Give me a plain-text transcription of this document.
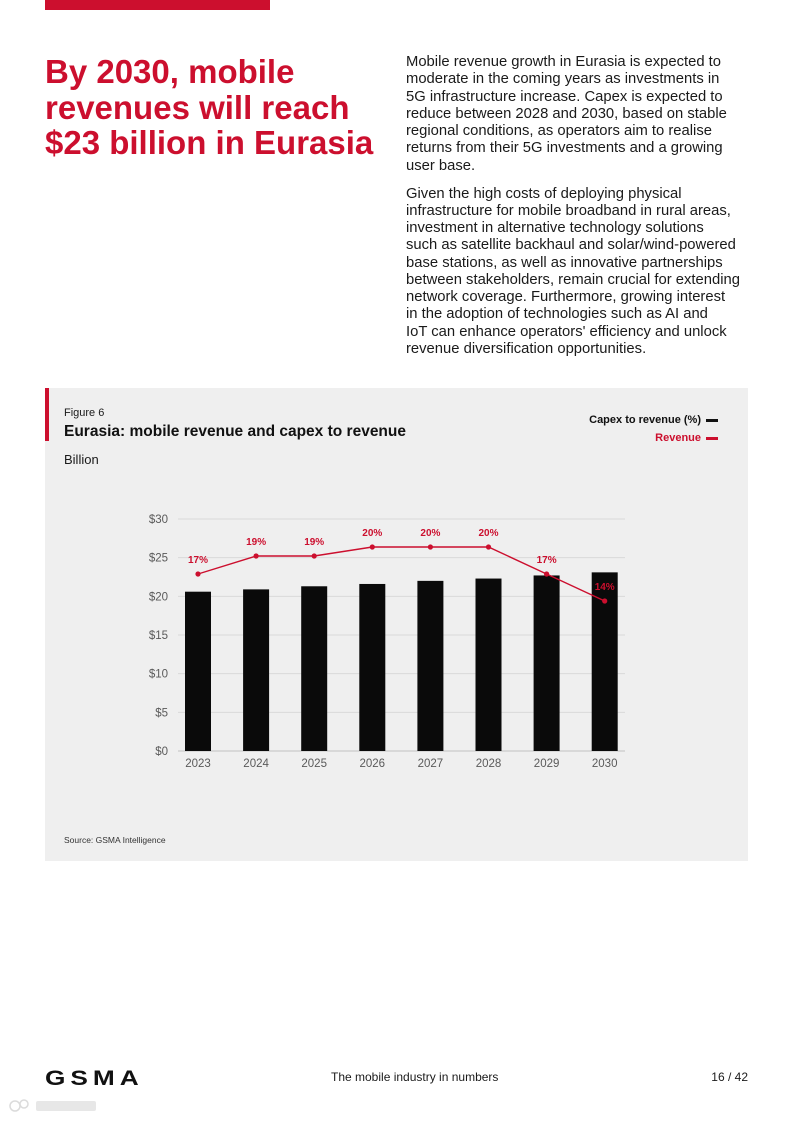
By 2030, mobile
revenues will reach
$23 billion in Eurasia
Mobile revenue growth in Eurasia is expected to
moderate in the coming years as investments in
5G infrastructure increase. Capex is expected to
reduce between 2028 and 2030, based on stable
regional conditions, as operators aim to realise
returns from their 5G investments and a growing
user base.
Given the high costs of deploying physical
infrastructure for mobile broadband in rural areas,
investment in alternative technology solutions
such as satellite backhaul and solar/wind-powered
base stations, as well as innovative partnerships
between stakeholders, remain crucial for extending
network coverage. Furthermore, growing interest
in the adoption of technologies such as AI and
IoT can enhance operators' efficiency and unlock
revenue diversification opportunities.
$0
$5
$10
$15
$20
$25
$30
2023	2024	2025	2026	2027	2028	2029	2030
17%
19%	19%
20%	20%	20%
17%
14%
Figure 6
Eurasia: mobile revenue and capex to revenue
Billion
Capex to revenue (%)
Revenue
Source: GSMA Intelligence
GSMA	The mobile industry in numbers	16 / 42
